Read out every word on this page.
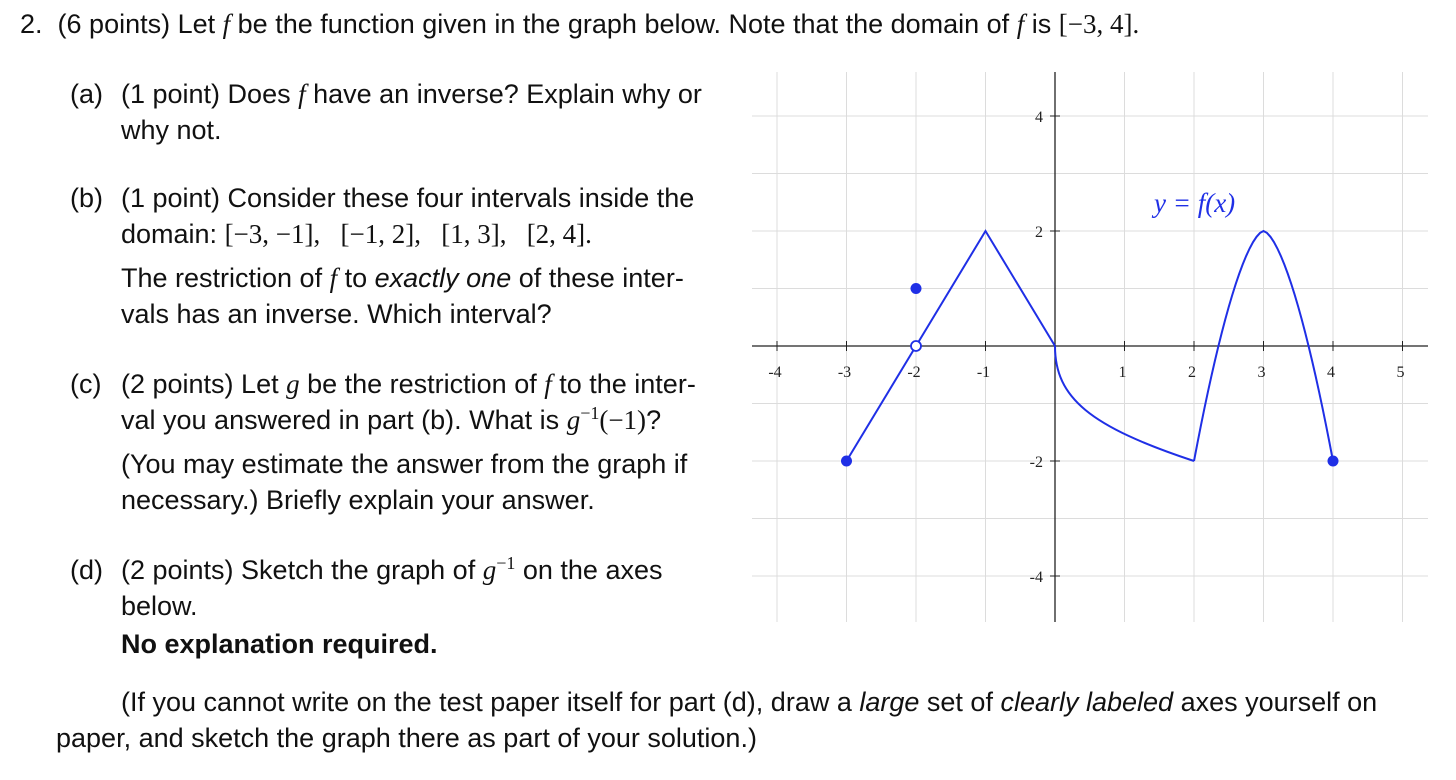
2. (6 points) Let f be the function given in the graph below. Note that the domain of f is [−3, 4].
(a) (1 point) Does f have an inverse? Explain why or
why not.
(b) (1 point) Consider these four intervals inside the
domain: [−3, −1],   [−1, 2],   [1, 3],   [2, 4].
The restriction of f to exactly one of these inter-
vals has an inverse. Which interval?
(c) (2 points) Let g be the restriction of f to the inter-
val you answered in part (b). What is $g^{-1}(-1)$?
(You may estimate the answer from the graph if
necessary.) Briefly explain your answer.
(d) (2 points) Sketch the graph of $g^{-1}$ on the axes
below.
No explanation required.
(If you cannot write on the test paper itself for part (d), draw a large set of clearly labeled axes yourself on
paper, and sketch the graph there as part of your solution.)
-4	-3	-2	-1	1	2	3	4	5
4
2
-2
-4
y = f(x)
